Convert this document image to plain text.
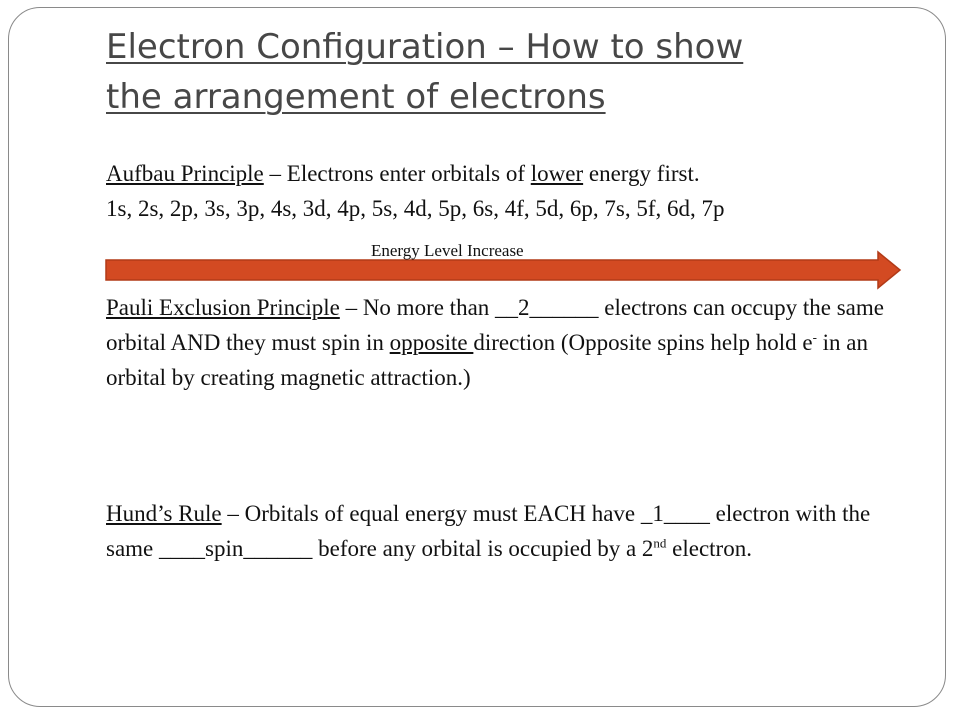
Electron Configuration – How to show
the arrangement of electrons

Aufbau Principle – Electrons enter orbitals of lower energy first.
1s, 2s, 2p, 3s, 3p, 4s, 3d, 4p, 5s, 4d, 5p, 6s, 4f, 5d, 6p, 7s, 5f, 6d, 7p

Energy Level Increase

Pauli Exclusion Principle – No more than __2______ electrons can occupy the same orbital AND they must spin in opposite direction (Opposite spins help hold e- in an orbital by creating magnetic attraction.)

Hund’s Rule – Orbitals of equal energy must EACH have _1____ electron with the same ____spin______ before any orbital is occupied by a 2nd electron.
